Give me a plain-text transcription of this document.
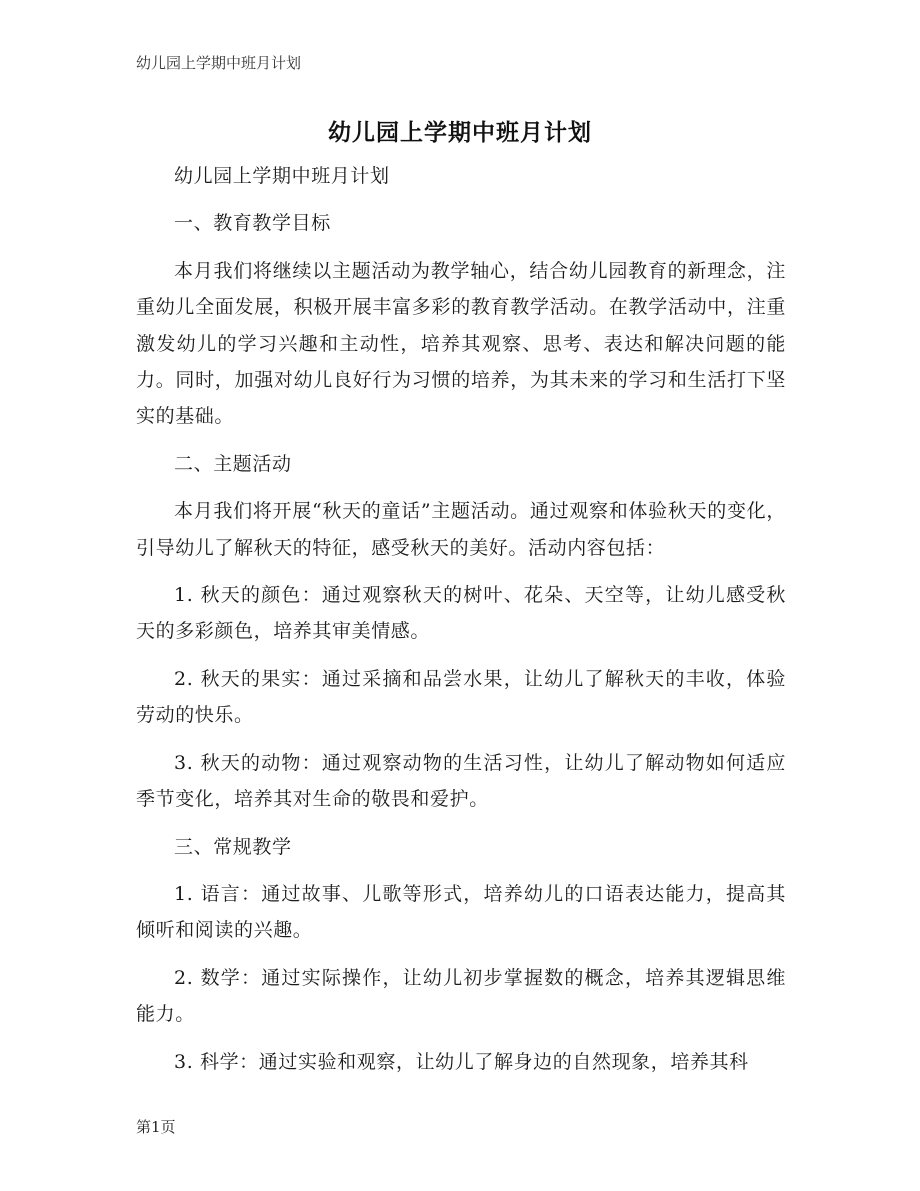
幼儿园上学期中班月计划
幼儿园上学期中班月计划

幼儿园上学期中班月计划

一、教育教学目标

本月我们将继续以主题活动为教学轴心，结合幼儿园教育的新理念，注重幼儿全面发展，积极开展丰富多彩的教育教学活动。在教学活动中，注重激发幼儿的学习兴趣和主动性，培养其观察、思考、表达和解决问题的能力。同时，加强对幼儿良好行为习惯的培养，为其未来的学习和生活打下坚实的基础。

二、主题活动

本月我们将开展“秋天的童话”主题活动。通过观察和体验秋天的变化，引导幼儿了解秋天的特征，感受秋天的美好。活动内容包括：

1. 秋天的颜色：通过观察秋天的树叶、花朵、天空等，让幼儿感受秋天的多彩颜色，培养其审美情感。

2. 秋天的果实：通过采摘和品尝水果，让幼儿了解秋天的丰收，体验劳动的快乐。

3. 秋天的动物：通过观察动物的生活习性，让幼儿了解动物如何适应季节变化，培养其对生命的敬畏和爱护。

三、常规教学

1. 语言：通过故事、儿歌等形式，培养幼儿的口语表达能力，提高其倾听和阅读的兴趣。

2. 数学：通过实际操作，让幼儿初步掌握数的概念，培养其逻辑思维能力。

3. 科学：通过实验和观察，让幼儿了解身边的自然现象，培养其科

第1页
